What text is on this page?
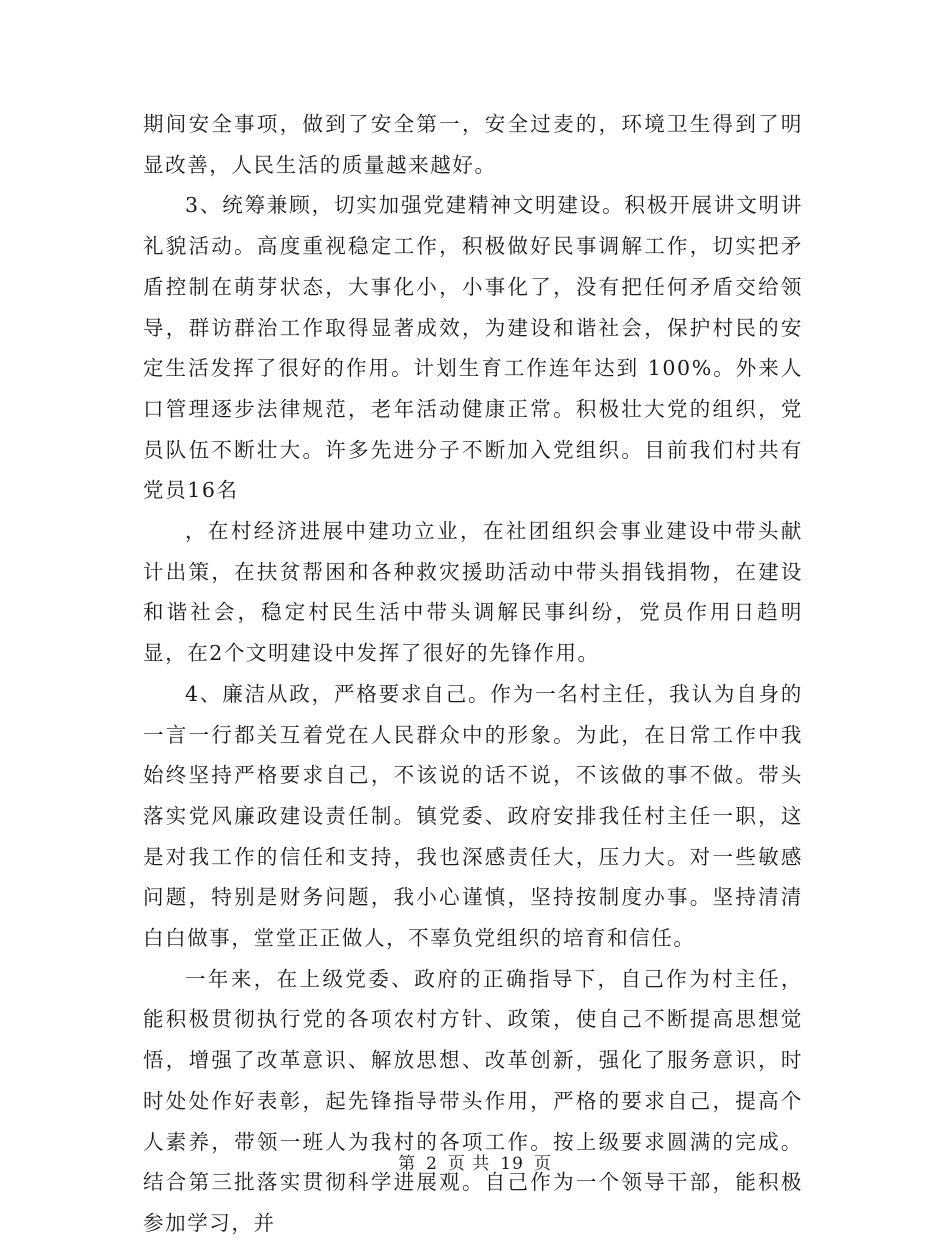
期间安全事项，做到了安全第一，安全过麦的，环境卫生得到了明显改善，人民生活的质量越来越好。

3、统筹兼顾，切实加强党建精神文明建设。积极开展讲文明讲礼貌活动。高度重视稳定工作，积极做好民事调解工作，切实把矛盾控制在萌芽状态，大事化小，小事化了，没有把任何矛盾交给领导，群访群治工作取得显著成效，为建设和谐社会，保护村民的安定生活发挥了很好的作用。计划生育工作连年达到 100%。外来人口管理逐步法律规范，老年活动健康正常。积极壮大党的组织，党员队伍不断壮大。许多先进分子不断加入党组织。目前我们村共有党员16名

，在村经济进展中建功立业，在社团组织会事业建设中带头献计出策，在扶贫帮困和各种救灾援助活动中带头捐钱捐物，在建设和谐社会，稳定村民生活中带头调解民事纠纷，党员作用日趋明显，在2个文明建设中发挥了很好的先锋作用。

4、廉洁从政，严格要求自己。作为一名村主任，我认为自身的一言一行都关互着党在人民群众中的形象。为此，在日常工作中我始终坚持严格要求自己，不该说的话不说，不该做的事不做。带头落实党风廉政建设责任制。镇党委、政府安排我任村主任一职，这是对我工作的信任和支持，我也深感责任大，压力大。对一些敏感问题，特别是财务问题，我小心谨慎，坚持按制度办事。坚持清清白白做事，堂堂正正做人，不辜负党组织的培育和信任。

一年来，在上级党委、政府的正确指导下，自己作为村主任，能积极贯彻执行党的各项农村方针、政策，使自己不断提高思想觉悟，增强了改革意识、解放思想、改革创新，强化了服务意识，时时处处作好表彰，起先锋指导带头作用，严格的要求自己，提高个人素养，带领一班人为我村的各项工作。按上级要求圆满的完成。结合第三批落实贯彻科学进展观。自己作为一个领导干部，能积极参加学习，并

第 2 页 共 19 页
